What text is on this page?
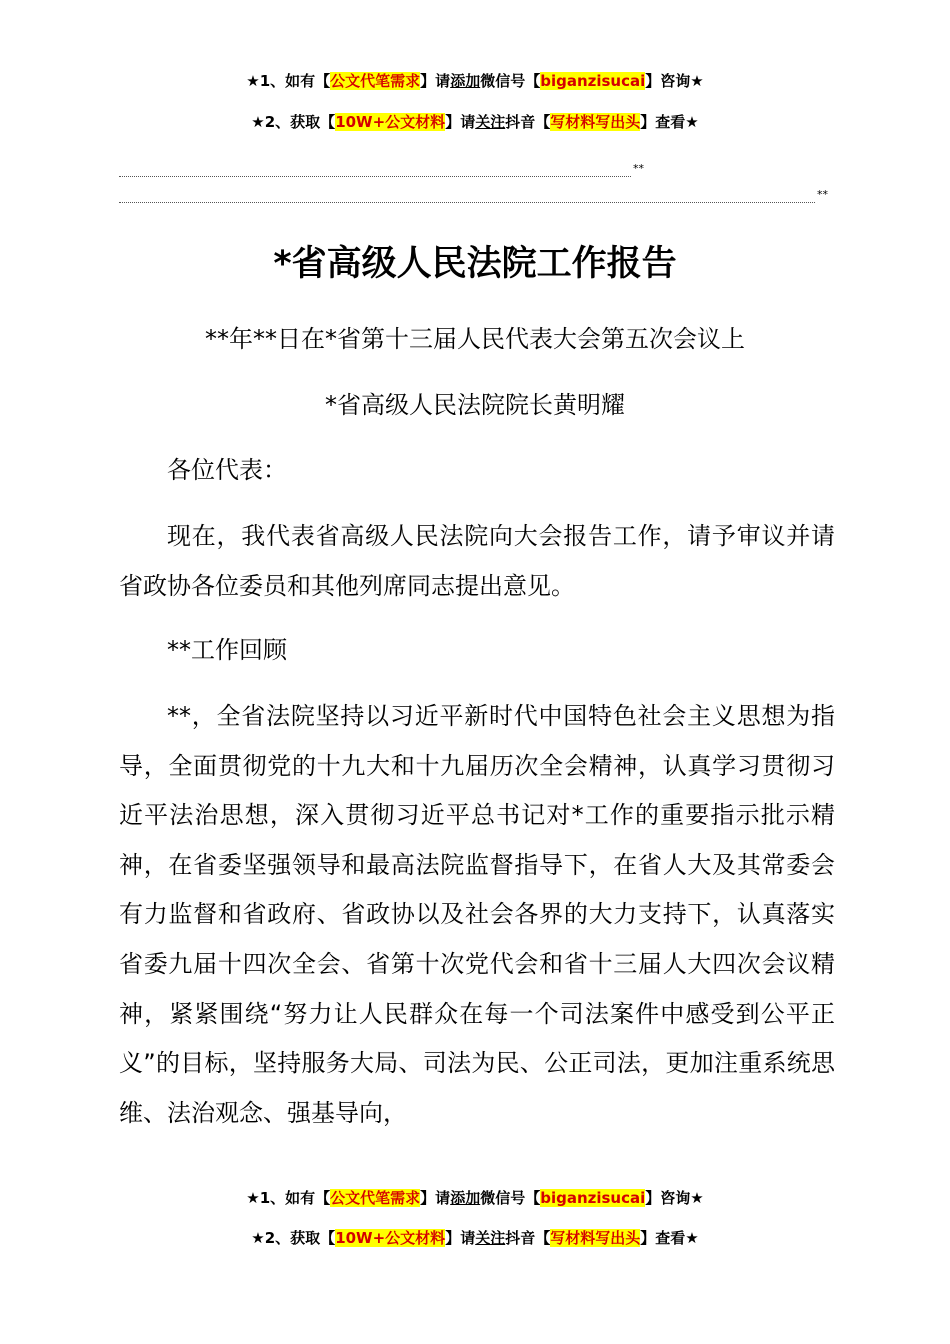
★1、如有【公文代笔需求】请添加微信号【biganzisucai】咨询★
★2、获取【10W+公文材料】请关注抖音【写材料写出头】查看★
**
**
*省高级人民法院工作报告
**年**日在*省第十三届人民代表大会第五次会议上
*省高级人民法院院长黄明耀
各位代表：
现在，我代表省高级人民法院向大会报告工作，请予审议并请省政协各位委员和其他列席同志提出意见。
**工作回顾
**，全省法院坚持以习近平新时代中国特色社会主义思想为指导，全面贯彻党的十九大和十九届历次全会精神，认真学习贯彻习近平法治思想，深入贯彻习近平总书记对*工作的重要指示批示精神，在省委坚强领导和最高法院监督指导下，在省人大及其常委会有力监督和省政府、省政协以及社会各界的大力支持下，认真落实省委九届十四次全会、省第十次党代会和省十三届人大四次会议精神，紧紧围绕“努力让人民群众在每一个司法案件中感受到公平正义”的目标，坚持服务大局、司法为民、公正司法，更加注重系统思维、法治观念、强基导向，
★1、如有【公文代笔需求】请添加微信号【biganzisucai】咨询★
★2、获取【10W+公文材料】请关注抖音【写材料写出头】查看★
